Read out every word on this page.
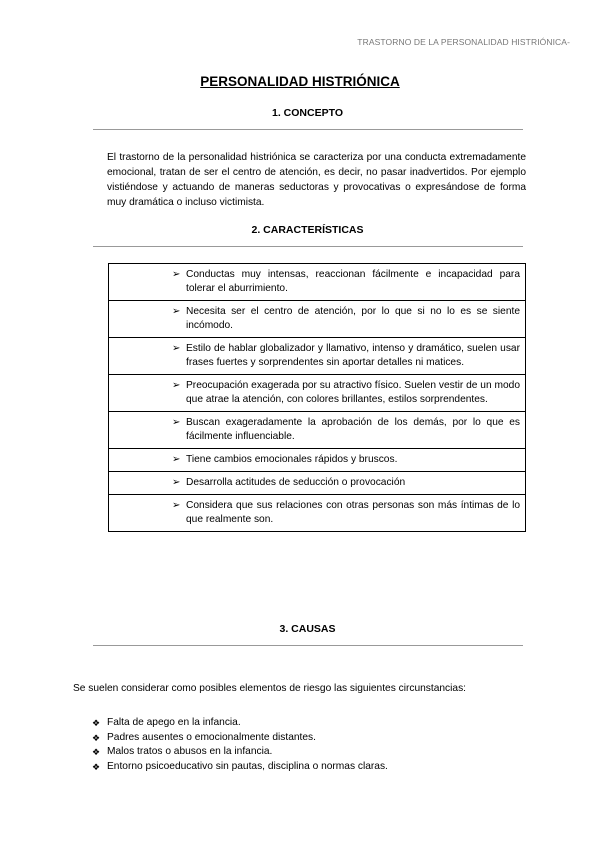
TRASTORNO DE LA PERSONALIDAD HISTRIÓNICA-
PERSONALIDAD HISTRIÓNICA
1. CONCEPTO
El trastorno de la personalidad histriónica se caracteriza por una conducta extremadamente emocional, tratan de ser el centro de atención, es decir, no pasar inadvertidos. Por ejemplo vistiéndose y actuando de maneras seductoras y provocativas o expresándose de forma muy dramática o incluso victimista.
2. CARACTERÍSTICAS
➢ Conductas muy intensas, reaccionan fácilmente e incapacidad para tolerar el aburrimiento.

➢ Necesita ser el centro de atención, por lo que si no lo es se siente incómodo.

➢ Estilo de hablar globalizador y llamativo, intenso y dramático, suelen usar frases fuertes y sorprendentes sin aportar detalles ni matices.

➢ Preocupación exagerada por su atractivo físico. Suelen vestir de un modo que atrae la atención, con colores brillantes, estilos sorprendentes.

➢ Buscan exageradamente la aprobación de los demás, por lo que es fácilmente influenciable.

➢ Tiene cambios emocionales rápidos y bruscos.

➢ Desarrolla actitudes de seducción o provocación

➢ Considera que sus relaciones con otras personas son más íntimas de lo que realmente son.
3. CAUSAS
Se suelen considerar como posibles elementos de riesgo las siguientes circunstancias:
❖ Falta de apego en la infancia.
❖ Padres ausentes o emocionalmente distantes.
❖ Malos tratos o abusos en la infancia.
❖ Entorno psicoeducativo sin pautas, disciplina o normas claras.
